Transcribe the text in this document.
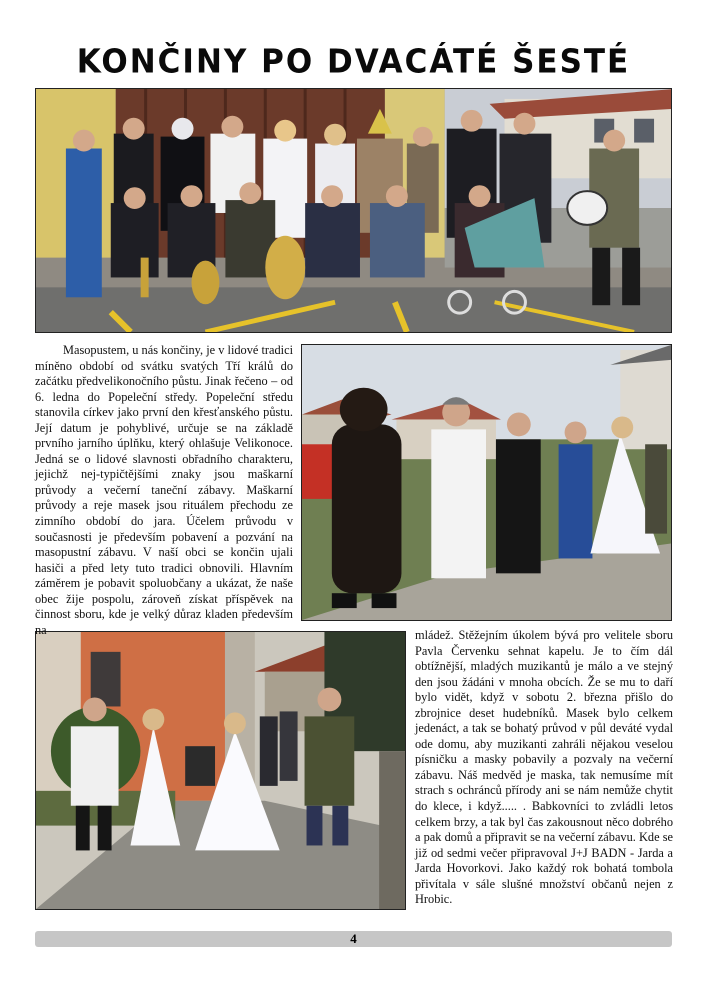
KONČINY PO DVACÁTÉ ŠESTÉ

Masopustem, u nás končiny, je v lidové tradici míněno období od svátku svatých Tří králů do začátku předvelikonočního půstu. Jinak řečeno – od 6. ledna do Popeleční středy. Popeleční středu stanovila církev jako první den křesťanského půstu. Její datum je pohyblivé, určuje se na základě prvního jarního úplňku, který ohlašuje Velikonoce. Jedná se o lidové slavnosti obřadního charakteru, jejichž nej-typičtějšími znaky jsou maškarní průvody a večerní taneční zábavy. Maškarní průvody a reje masek jsou rituálem přechodu ze zimního období do jara. Účelem průvodu v současnosti je především pobavení a pozvání na masopustní zábavu. V naší obci se končin ujali hasiči a před lety tuto tradici obnovili. Hlavním záměrem je pobavit spoluobčany a ukázat, že naše obec žije pospolu, zároveň získat příspěvek na činnost sboru, kde je velký důraz kladen především na	mládež. Stěžejním úkolem bývá pro velitele sboru Pavla Červenku sehnat kapelu. Je to čím dál obtížnější, mladých muzikantů je málo a ve stejný den jsou žádáni v mnoha obcích. Že se mu to daří bylo vidět, když v sobotu 2. března přišlo do zbrojnice deset hudebníků. Masek bylo celkem jedenáct, a tak se bohatý průvod v půl deváté vydal ode domu, aby muzikanti zahráli nějakou veselou písničku a masky pobavily a pozvaly na večerní zábavu. Náš medvěd je maska, tak nemusíme mít strach s ochránců přírody ani se nám nemůže chytit do klece, i když..... . Babkovníci to zvládli letos celkem brzy, a tak byl čas zakousnout něco dobrého a pak domů a připravit se na večerní zábavu. Kde se již od sedmi večer připravoval J+J BADN - Jarda a Jarda Hovorkovi. Jako každý rok bohatá tombola přivítala v sále slušné množství občanů nejen z Hrobic.

4
